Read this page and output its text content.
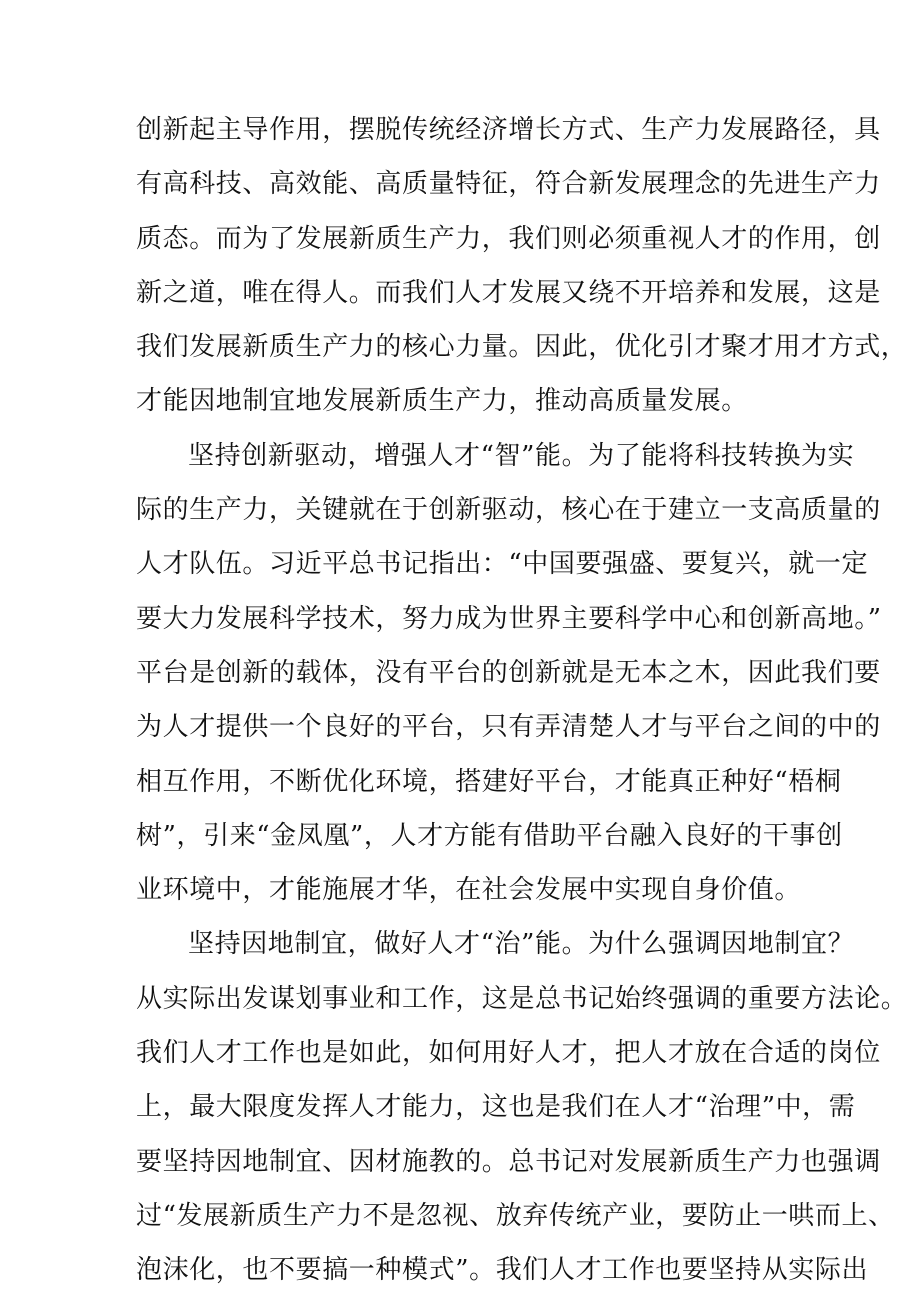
创新起主导作用，摆脱传统经济增长方式、生产力发展路径，具
有高科技、高效能、高质量特征，符合新发展理念的先进生产力
质态。而为了发展新质生产力，我们则必须重视人才的作用，创
新之道，唯在得人。而我们人才发展又绕不开培养和发展，这是
我们发展新质生产力的核心力量。因此，优化引才聚才用才方式，
才能因地制宜地发展新质生产力，推动高质量发展。
坚持创新驱动，增强人才“智”能。为了能将科技转换为实
际的生产力，关键就在于创新驱动，核心在于建立一支高质量的
人才队伍。习近平总书记指出：“中国要强盛、要复兴，就一定
要大力发展科学技术，努力成为世界主要科学中心和创新高地。”
平台是创新的载体，没有平台的创新就是无本之木，因此我们要
为人才提供一个良好的平台，只有弄清楚人才与平台之间的中的
相互作用，不断优化环境，搭建好平台，才能真正种好“梧桐
树”，引来“金凤凰”，人才方能有借助平台融入良好的干事创
业环境中，才能施展才华，在社会发展中实现自身价值。
坚持因地制宜，做好人才“治”能。为什么强调因地制宜？
从实际出发谋划事业和工作，这是总书记始终强调的重要方法论。
我们人才工作也是如此，如何用好人才，把人才放在合适的岗位
上，最大限度发挥人才能力，这也是我们在人才“治理”中，需
要坚持因地制宜、因材施教的。总书记对发展新质生产力也强调
过“发展新质生产力不是忽视、放弃传统产业，要防止一哄而上、
泡沫化，也不要搞一种模式”。我们人才工作也要坚持从实际出
